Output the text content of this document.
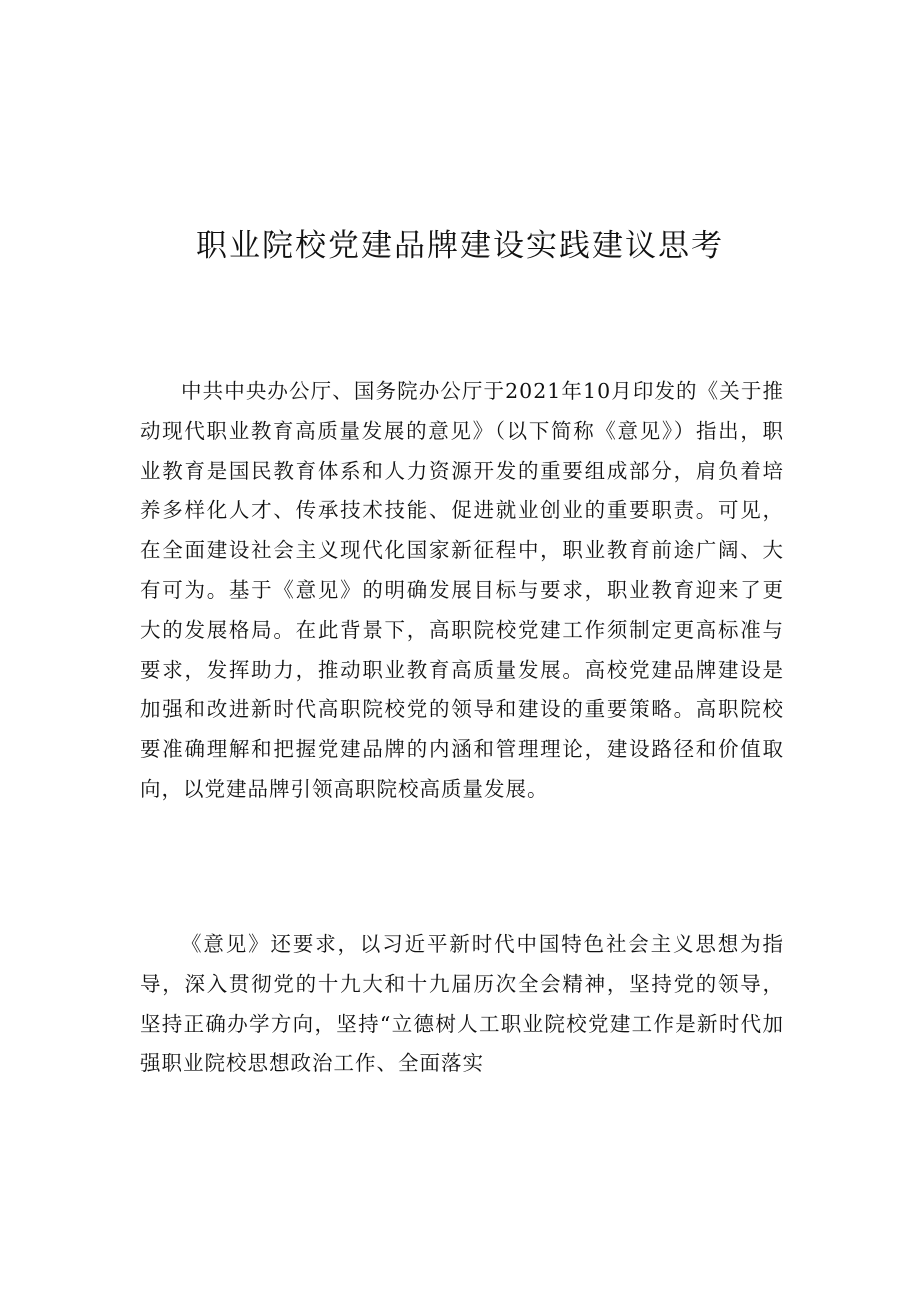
职业院校党建品牌建设实践建议思考

中共中央办公厅、国务院办公厅于2021年10月印发的《关于推动现代职业教育高质量发展的意见》（以下简称《意见》）指出，职业教育是国民教育体系和人力资源开发的重要组成部分，肩负着培养多样化人才、传承技术技能、促进就业创业的重要职责。可见，在全面建设社会主义现代化国家新征程中，职业教育前途广阔、大有可为。基于《意见》的明确发展目标与要求，职业教育迎来了更大的发展格局。在此背景下，高职院校党建工作须制定更高标准与要求，发挥助力，推动职业教育高质量发展。高校党建品牌建设是加强和改进新时代高职院校党的领导和建设的重要策略。高职院校要准确理解和把握党建品牌的内涵和管理理论，建设路径和价值取向，以党建品牌引领高职院校高质量发展。

《意见》还要求，以习近平新时代中国特色社会主义思想为指导，深入贯彻党的十九大和十九届历次全会精神，坚持党的领导，坚持正确办学方向，坚持“立德树人工职业院校党建工作是新时代加强职业院校思想政治工作、全面落实
